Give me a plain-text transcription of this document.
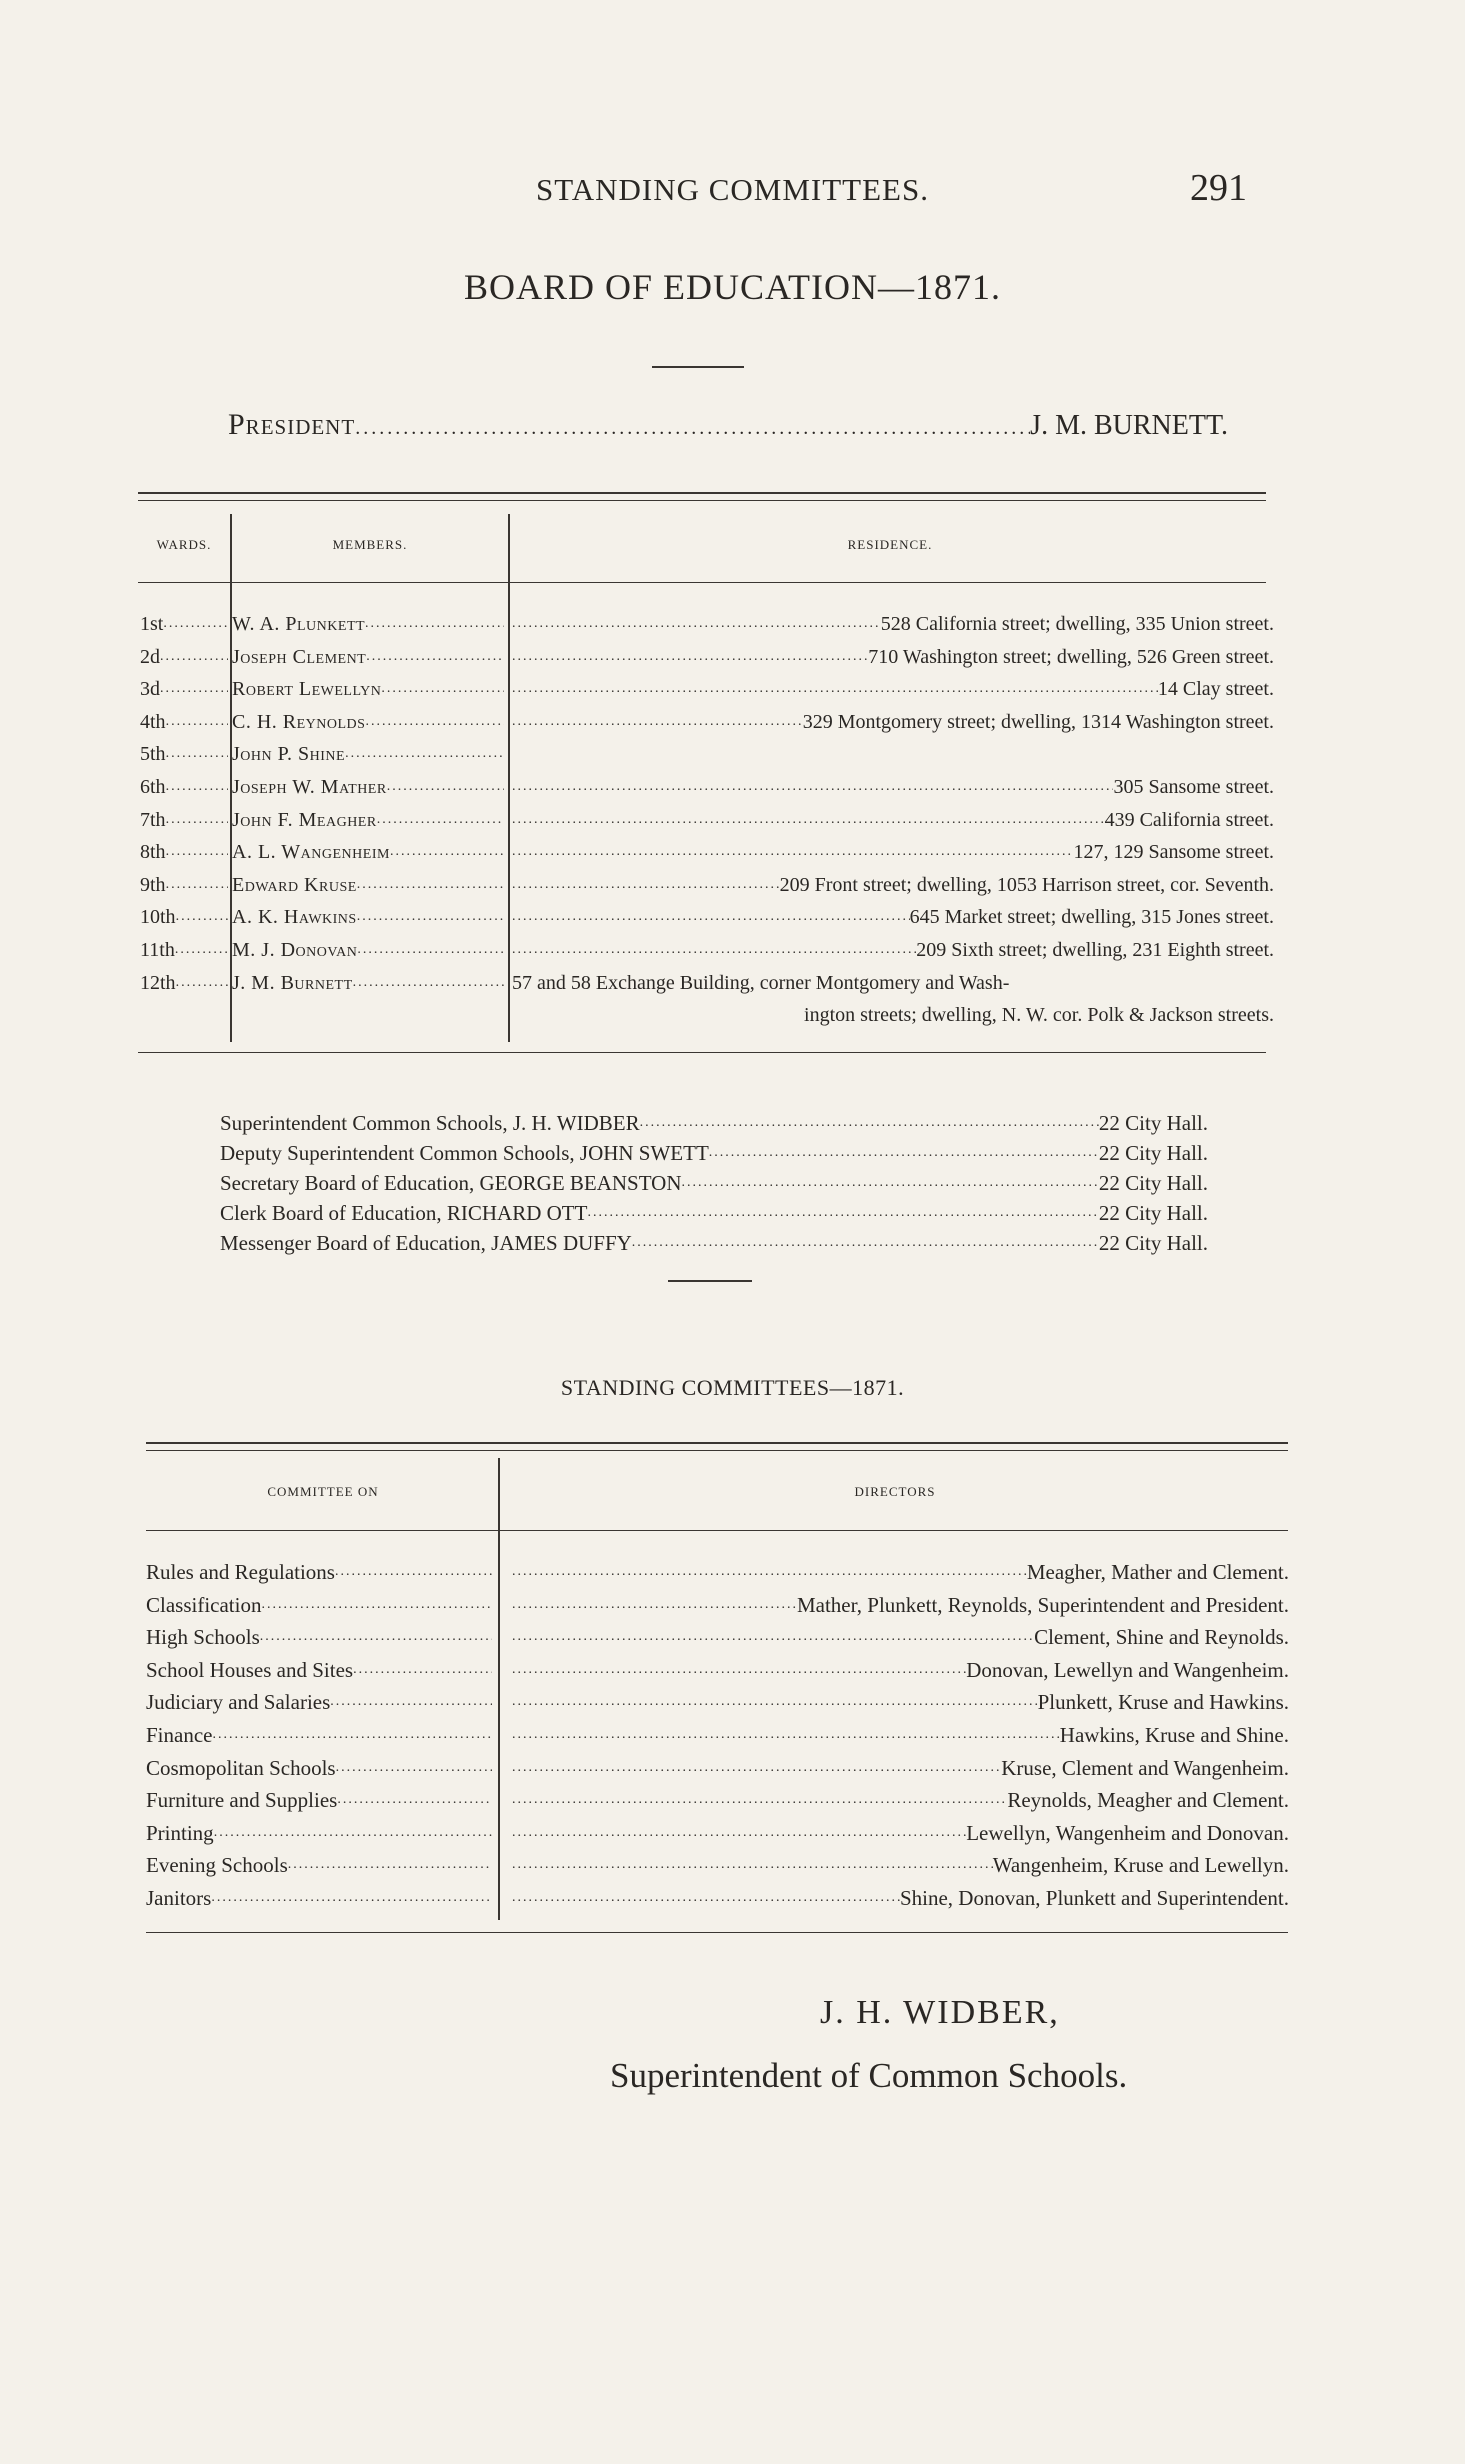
STANDING COMMITTEES.	291
BOARD OF EDUCATION—1871.
President .....	J. M. BURNETT.
WARDS.	MEMBERS.	RESIDENCE.
1st .....	W. A. Plunkett ..... .....	528 California street; dwelling, 335 Union street.
2d .....	Joseph Clement ..... .....	710 Washington street; dwelling, 526 Green street.
3d .....	Robert Lewellyn ..... .....	14 Clay street.
4th .....	C. H. Reynolds ..... .....	329 Montgomery street; dwelling, 1314 Washington street.
5th .....	John P. Shine
.....
6th .....	Joseph W. Mather ..... .....	305 Sansome street.
7th .....	John F. Meagher ..... .....	439 California street.
8th .....	A. L. Wangenheim ..... .....	127, 129 Sansome street.
9th .....	Edward Kruse ..... .....	209 Front street; dwelling, 1053 Harrison street, cor. Seventh.
10th .....	A. K. Hawkins ..... .....	645 Market street; dwelling, 315 Jones street.
11th .....	M. J. Donovan ..... .....	209 Sixth street; dwelling, 231 Eighth street.
12th .....	J. M. Burnett .....	57 and 58 Exchange Building, corner Montgomery and Wash-
ington streets; dwelling, N. W. cor. Polk & Jackson streets.
Superintendent Common Schools, J. H. WIDBER .....	22 City Hall.
Deputy Superintendent Common Schools, JOHN SWETT .....	22 City Hall.
Secretary Board of Education, GEORGE BEANSTON .....	22 City Hall.
Clerk Board of Education, RICHARD OTT .....	22 City Hall.
Messenger Board of Education, JAMES DUFFY .....	22 City Hall.
STANDING COMMITTEES—1871.
COMMITTEE ON	DIRECTORS
Rules and Regulations ..... .....	Meagher, Mather and Clement.
Classification ..... .....	Mather, Plunkett, Reynolds, Superintendent and President.
High Schools ..... .....	Clement, Shine and Reynolds.
School Houses and Sites ..... .....	Donovan, Lewellyn and Wangenheim.
Judiciary and Salaries ..... .....	Plunkett, Kruse and Hawkins.
Finance ..... .....	Hawkins, Kruse and Shine.
Cosmopolitan Schools ..... .....	Kruse, Clement and Wangenheim.
Furniture and Supplies ..... .....	Reynolds, Meagher and Clement.
Printing ..... .....	Lewellyn, Wangenheim and Donovan.
Evening Schools ..... .....	Wangenheim, Kruse and Lewellyn.
Janitors ..... .....	Shine, Donovan, Plunkett and Superintendent.
J. H. WIDBER,
Superintendent of Common Schools.
